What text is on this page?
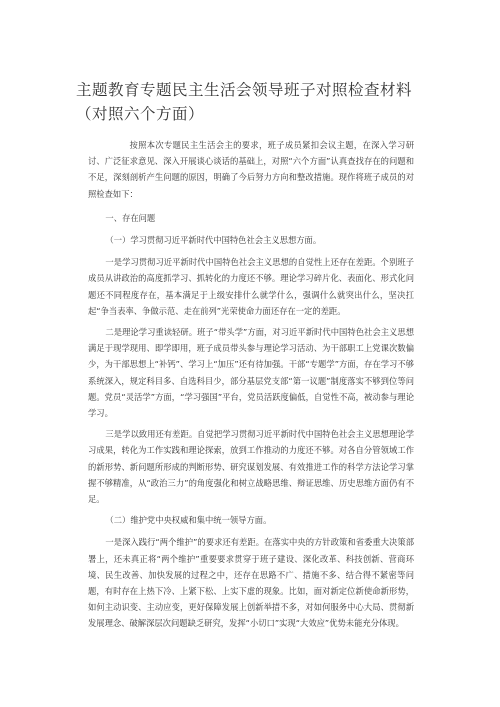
主题教育专题民主生活会领导班子对照检查材料（对照六个方面）

按照本次专题民主生活会主的要求，班子成员紧扣会议主题，在深入学习研讨、广泛征求意见、深入开展谈心谈话的基础上，对照“六个方面”认真查找存在的问题和不足，深刻剖析产生问题的原因，明确了今后努力方向和整改措施。现作将班子成员的对照检查如下：

一、存在问题

（一）学习贯彻习近平新时代中国特色社会主义思想方面。

一是学习贯彻习近平新时代中国特色社会主义思想的自觉性上还存在差距。个别班子成员从讲政治的高度抓学习、抓转化的力度还不够。理论学习碎片化、表面化、形式化问题还不同程度存在，基本满足于上级安排什么就学什么，强调什么就突出什么，坚决扛起“争当表率、争做示范、走在前列”光荣使命力面还存在一定的差距。

二是理论学习重读轻研。班子“带头学”方面，对习近平新时代中国特色社会主义思想满足于现学现用、即学即用，班子成员带头参与理论学习活动、为干部职工上党课次数偏少，为干部思想上“补钙”、学习上“加压”还有待加强。干部“专题学”方面，存在学习不够系统深入，规定科目多、自选科目少，部分基层党支部“第一议题”制度落实不够到位等问题。党员“灵活学”方面，“学习强国”平台，党员活跃度偏低，自觉性不高，被动参与理论学习。

三是学以致用还有差距。自觉把学习贯彻习近平新时代中国特色社会主义思想理论学习成果，转化为工作实践和理论探索，放到工作推动的力度还不够。对各自分管领域工作的新形势、新问题所形成的判断形势、研究谋划发展、有效推进工作的科学方法论学习掌握不够精准，从“政治三力”的角度强化和树立战略思维、辩证思维、历史思维方面仍有不足。

（二）维护党中央权威和集中统一领导方面。

一是深入践行“两个维护”的要求还有差距。在落实中央的方针政策和省委重大决策部署上，还未真正将“两个维护”重要要求贯穿于班子建设、深化改革、科技创新、营商环境、民生改善、加快发展的过程之中，还存在思路不广、措施不多、结合得不紧密等问题，有时存在上热下冷、上紧下松、上实下虚的现象。比如，面对新定位新使命新形势，如何主动识变、主动应变，更好保障发展上创新举措不多，对如何服务中心大局、贯彻新发展理念、破解深层次问题缺乏研究，发挥“小切口”实现“大效应”优势未能充分体现。
